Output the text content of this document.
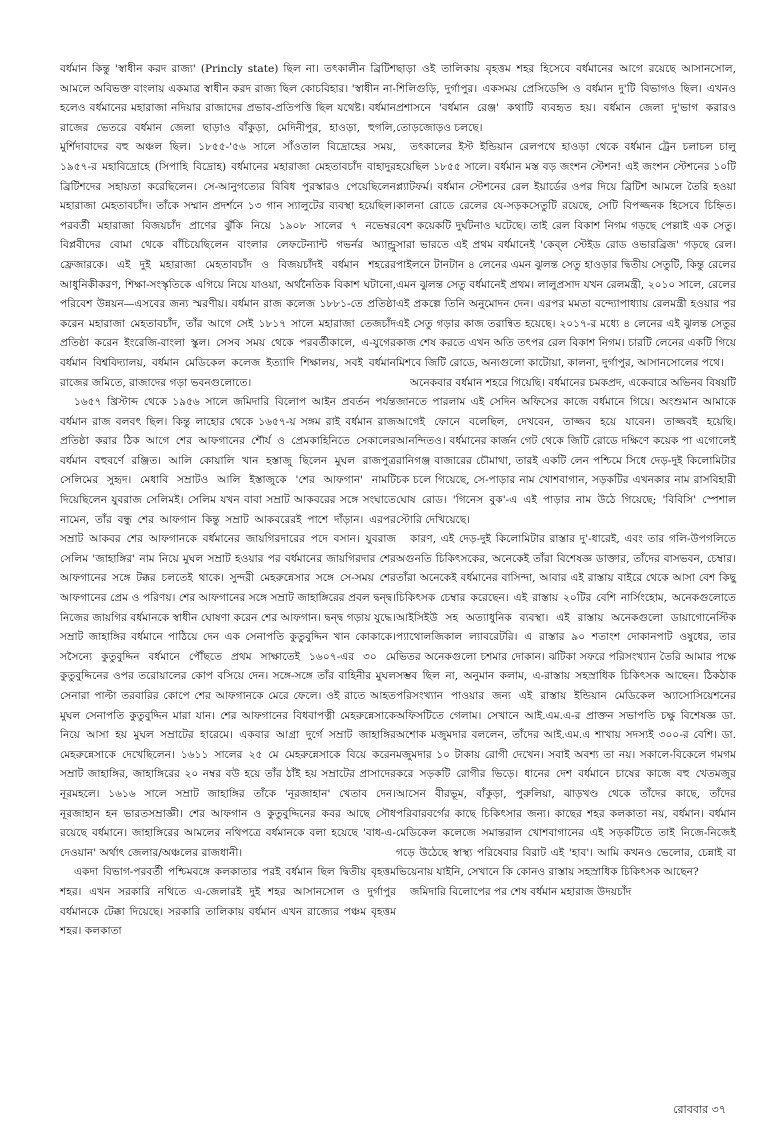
বর্ধমান কিন্তু 'স্বাধীন করদ রাজ্য' (Princly state) ছিল না। তৎকালীন ব্রিটিশ আমলে অবিভক্ত বাংলায় একমাত্র স্বাধীন করদ রাজ্য ছিল কোচবিহার। 'স্বাধীন না-হলেও বর্ধমানের মহারাজা নদিয়ার রাজাদের প্রভাব-প্রতিপত্তি ছিল যথেষ্ট। বর্ধমান রাজের ভেতরে বর্ধমান জেলা ছাড়াও বাঁকুড়া, মেদিনীপুর, হাওড়া, হুগলি, মুর্শিদাবাদের বহু অঞ্চল ছিল। ১৮৫৫-'৫৬ সালে সাঁওতাল বিদ্রোহের সময়, ১৯৫৭-র মহাবিদ্রোহে (সিপাহি বিদ্রোহ) বর্ধমানের মহারাজা মেহতাবচাঁদ বাহাদুর ব্রিটিশদের সহায়তা করেছিলেন। সে-আনুগত্যের বিবিধ পুরস্কারও পেয়েছিলেন মহারাজা মেহতাবচাঁদ। তাঁকে সম্মান প্রদর্শনে ১৩ গান স্যালুটের ব্যবস্থা হয়েছিল। পরবর্তী মহারাজা বিজয়চাঁদ প্রাণের ঝুঁকি নিয়ে ১৯০৮ সালের ৭ নভেম্বর বিপ্লবীদের বোমা থেকে বাঁচিয়েছিলেন বাংলার লেফটেন্যান্ট গভর্নর অ্যান্ড্রু ফ্রেজারকে। এই দুই মহারাজা মেহতাবচাঁদ ও বিজয়চাঁদই বর্ধমান শহরের আধুনিকীকরণ, শিক্ষা-সংস্কৃতিকে এগিয়ে নিয়ে যাওয়া, অর্থনৈতিক বিকাশ ঘটানো, পরিবেশ উন্নয়ন—এসবের জন্য স্মরণীয়। বর্ধমান রাজ কলেজ ১৮৮১-তে প্রতিষ্ঠা করেন মহারাজা মেহতাবচাঁদ, তাঁর আগে সেই ১৮১৭ সালে মহারাজা তেজচাঁদ প্রতিষ্ঠা করেন ইংরেজি-বাংলা স্কুল। সেসব সময় থেকে পরবর্তীকালে, এ-যুগের বর্ধমান বিশ্ববিদ্যালয়, বর্ধমান মেডিকেল কলেজ ইত্যাদি শিক্ষালয়, সবই বর্ধমান রাজের জমিতে, রাজাদের গড়া ভবনগুলোতে।

১৬৫৭ খ্রিস্টাব্দ থেকে ১৯৫৬ সালে জমিদারি বিলোপ আইন প্রবর্তন পর্যন্ত বর্ধমান রাজ বলবৎ ছিল। কিন্তু লাহোর থেকে ১৬৫৭-য় সঙ্গম রাই বর্ধমান রাজ প্রতিষ্ঠা করার ঠিক আগে শের আফগানের শৌর্য ও প্রেমকাহিনিতে সেকালের বর্ধমান বহুবর্ণে রঞ্জিত। আলি কোয়ালি খান হস্তাজু ছিলেন মুঘল রাজপুত্র সেলিমের সুহৃদ। মেধাবি সম্রাটও আলি ইস্তাজুকে 'শের আফগান' নামটি দিয়েছিলেন যুবরাজ সেলিমই। সেলিম যখন বাবা সম্রাট আকবরের সঙ্গে সংঘাতে নামেন, তাঁর বন্ধু শের আফগান কিন্তু সম্রাট আকবরেরই পাশে দাঁড়ান। এরপর সম্রাট আকবর শের আফগানকে বর্ধমানের জায়গিরদারের পদে বসান। যুবরাজ সেলিম 'জাহাঙ্গির' নাম নিয়ে মুঘল সম্রাট হওয়ার পর বর্ধমানের জায়গিরদার শের আফগানের সঙ্গে টক্কর চলতেই থাকে। সুন্দরী মেহরুন্নেসার সঙ্গে সে-সময় শের আফগানের প্রেম ও পরিণয়। শের আফগানের সঙ্গে সম্রাট জাহাঙ্গিরের প্রবল দ্বন্দ্ব। নিজের জায়গির বর্ধমানকে স্বাধীন ঘোষণা করেন শের আফগান। দ্বন্দ্ব গড়ায় যুদ্ধে। সম্রাট জাহাঙ্গির বর্ধমানে পাঠিয়ে দেন এক সেনাপতি কুতুবুদ্দিন খান কোকাকে। সসৈন্যে কুতুবুদ্দিন বর্ধমানে পৌঁছতে প্রথম সাক্ষাতেই ১৬০৭-এর ৩০ মে কুতুবুদ্দিনের ওপর তরোয়ালের কোপ বসিয়ে দেন। সঙ্গে-সঙ্গে তাঁর বাহিনীর মুঘল সেনারা পাল্টা তরবারির কোপে শের আফগানকে মেরে ফেলে। ওই রাতে আহত মুঘল সেনাপতি কুতুবুদ্দিন মারা যান। শের আফগানের বিধবাপত্নী মেহরুন্নেসাকে নিয়ে আসা হয় মুঘল সম্রাটের হারেমে। একবার আগ্রা দুর্গে সম্রাট জাহাঙ্গির মেহরুন্নেসাকে দেখেছিলেন। ১৬১১ সালের ২৫ মে মেহরুন্নেসাকে বিয়ে করেন সম্রাট জাহাঙ্গির, জাহাঙ্গিরের ২০ নম্বর বউ হয়ে তাঁর ঠাঁই হয় সম্রাটের প্রাসাদের নূরমহলে। ১৬১৬ সালে সম্রাট জাহাঙ্গির তাঁকে 'নূরজাহান' খেতাব দেন। নূরজাহান হন ভারতসম্রাজ্ঞী। শের আফগান ও কুতুবুদ্দিনের কবর আছে সৌধ রয়েছে বর্ধমানে। জাহাঙ্গিরের আমলের নথিপত্রে বর্ধমানকে বলা হয়েছে 'বাধ-এ-দেওয়ান' অর্থাৎ জেলার/অঞ্চলের রাজধানী।

একদা বিভাগ-পরবর্তী পশ্চিমবঙ্গে কলকাতার পরই বর্ধমান ছিল দ্বিতীয় বৃহত্তম শহর। এখন সরকারি নথিতে এ-জেলারই দুই শহর আসানসোল ও দুর্গাপুর বর্ধমানকে টেক্কা দিয়েছে। সরকারি তালিকায় বর্ধমান এখন রাজ্যের পঞ্চম বৃহত্তম শহর। কলকাতা

ছাড়া ওই তালিকায় বৃহত্তম শহর হিসেবে বর্ধমানের আগে রয়েছে আসানসোল, শিলিগুড়ি, দুর্গাপুর। একসময় প্রেসিডেন্সি ও বর্ধমান দু'টি বিভাগও ছিল। এখনও প্রশাসনে 'বর্ধমান রেঞ্জ' কথাটি ব্যবহৃত হয়। বর্ধমান জেলা দু'ভাগ করারও তোড়জোড়ও চলছে।

তৎকালের ইস্ট ইন্ডিয়ান রেলপথে হাওড়া থেকে বর্ধমান ট্রেন চলাচল চালু হয়েছিল ১৮৫৫ সালে। বর্ধমান মস্ত বড় জংশন স্টেশন! এই জংশন স্টেশনের ১০টি প্ল্যাটফর্ম। বর্ধমান স্টেশনের রেল ইয়ার্ডের ওপর দিয়ে ব্রিটিশ আমলে তৈরি হওয়া কালনা রোডে রেলের যে-সড়কসেতুটি রয়েছে, সেটি বিপজ্জনক হিসেবে চিহ্নিত। বেশ কয়েকটি দুর্ঘটনাও ঘটেছে। তাই রেল বিকাশ নিগম গড়ছে পেল্লাই এক সেতু। সারা ভারতে এই প্রথম বর্ধমানেই 'কেব্‌ল স্টেইড রোড ওভারব্রিজ' গড়ছে রেল। পাইলনে টানটান ৪ লেনের এমন ঝুলন্ত সেতু হাওড়ার দ্বিতীয় সেতুটি, কিন্তু রেলের এমন ঝুলন্ত সেতু বর্ধমানেই প্রথম। লালুপ্রসাদ যখন রেলমন্ত্রী, ২০১০ সালে, রেলের এই প্রকল্পে তিনি অনুমোদন দেন। এরপর মমতা বন্দ্যোপাধ্যায় রেলমন্ত্রী হওয়ার পর এই সেতু গড়ার কাজ তরান্বিত হয়েছে। ২০১৭-র মধ্যে ৪ লেনের এই ঝুলন্ত সেতুর কাজ শেষ করতে এখন অতি তৎপর রেল বিকাশ নিগম। চারটি লেনের একটি গিয়ে মিশবে জিটি রোডে, অন্যগুলো কাটোয়া, কালনা, দুর্গাপুর, আসানসোলের পথে।

অনেকবার বর্ধমান শহরে গিয়েছি। বর্ধমানের চমকপ্রদ, একেবারে অভিনব বিষয়টি জানতে পারলাম এই সেদিন অফিসের কাজে বর্ধমানে গিয়ে। অংশুমান আমাকে আগেই ফোনে বলেছিল, দেখবেন, তাজ্জব হয়ে যাবেন। তাজ্জবই হয়েছি। আনন্দিতও। বর্ধমানের কার্জন গেট থেকে জিটি রোডে দক্ষিণে কয়েক পা এগোলেই রানিগঞ্জ বাজারের চৌমাথা, তারই একটি লেন পশ্চিমে সিধে দেড়-দুই কিলোমিটার চক চলে গিয়েছে, সে-পাড়ার নাম খোশবাগান, সড়কটির এখনকার নাম রাসবিহারী ঘোষ রোড। 'গিনেস বুক'-এ এই পাড়ার নাম উঠে গিয়েছে; 'বিবিসি' স্পেশাল স্টোরি দেখিয়েছে।

কারণ, এই দেড়-দুই কিলোমিটার রাস্তার দু'-ধারেই, এবং তার গলি-উপগলিতে অগুনতি চিকিৎসকের, অনেকেই তাঁরা বিশেষজ্ঞ ডাক্তার, তাঁদের বাসভবন, চেম্বার। তাঁরা অনেকেই বর্ধমানের বাসিন্দা, আবার এই রাস্তায় বাইরে থেকে আসা বেশ কিছু চিকিৎসক চেম্বার করেছেন। এই রাস্তায় ২০টির বেশি নার্সিংহোম, অনেকগুলোতে আইসিইউ সহ অত্যাধুনিক ব্যবস্থা। এই রাস্তায় অনেকগুলো ডায়াগোনেস্টিক প্যাথোলজিকাল ল্যাবরেটরি। এ রাস্তার ৯০ শতাংশ দোকানপাট ওষুধের, তার ভিতর অনেকগুলো চশমার দোকান। ঝটিকা সফরে পরিসংখ্যান তৈরি আমার পক্ষে সম্ভব ছিল না, অনুমান কলাম, এ-রাস্তায় সহস্রাধিক চিকিৎসক আছেন। ঠিকঠাক পরিসংখ্যান পাওয়ার জন্য এই রাস্তায় ইন্ডিয়ান মেডিকেল অ্যাসোসিয়েশনের অফিসটিতে গেলাম। সেখানে আই.এম.এ-র প্রাক্তন সভাপতি চক্ষু বিশেষজ্ঞ ডা. অশোক মজুমদার বললেন, তাঁদের আই.এম.এ শাখায় সদস্যই ৩০০-র বেশি। ডা. মজুমদার ১০ টাকায় রোগী দেখেন। সবাই অবশ্য তা নয়। সকালে-বিকেলে গমগম করে সড়কটি রোগীর ভিড়ে। ধানের দেশ বর্ধমানে চাষের কাজে বহু খেতমজুর আসেন বীরভূম, বাঁকুড়া, পুরুলিয়া, ঝাড়খণ্ড থেকে তাঁদের কাছে, তাঁদের পরিবারবর্গের কাছে চিকিৎসার জন্য। কাছের শহর কলকাতা নয়, বর্ধমান। বর্ধমান মেডিকেল কলেজে সমান্তরাল খোশবাগানের এই সড়কটিতে তাই নিজে-নিজেই গড়ে উঠেছে স্বাস্থ্য পরিষেবার বিরাট এই 'হাব'। আমি কখনও ভেলোর, চেন্নাই বা ভিয়েনায় যাইনি, সেখানে কি কোনও রাস্তায় সহস্রাধিক চিকিৎসক আছেন?

জমিদারি বিলোপের পর শেষ বর্ধমান মহারাজ উদয়চাঁদ

রোববার ৩৭
